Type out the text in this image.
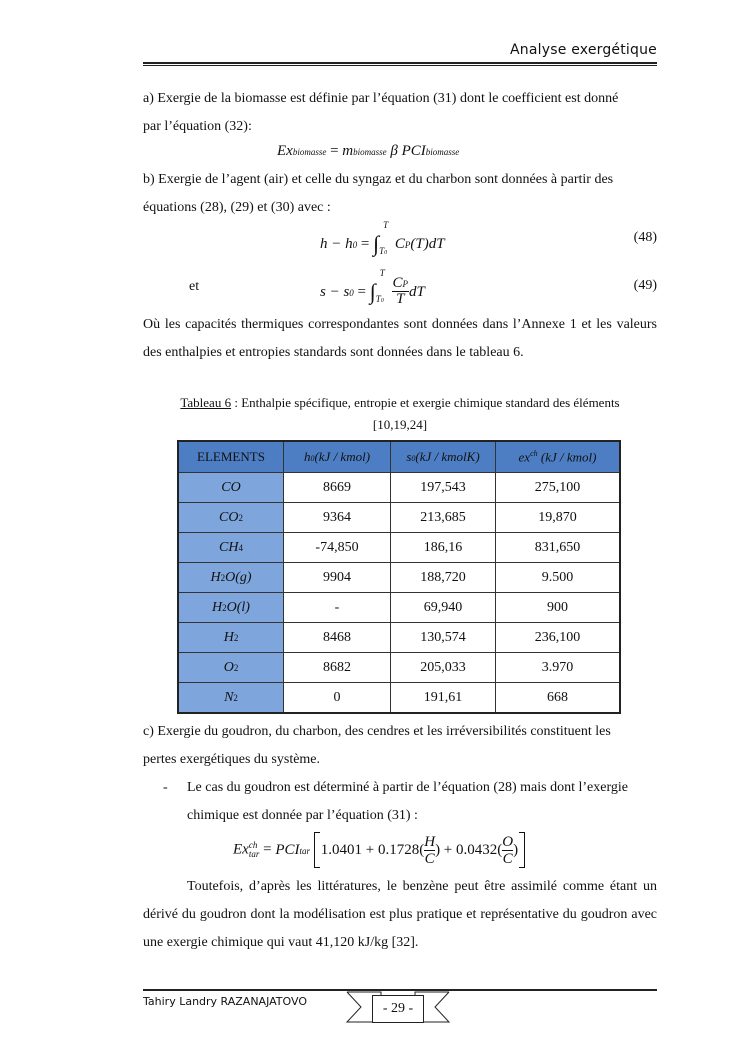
Analyse exergétique
a) Exergie de la biomasse est définie par l’équation (31) dont le coefficient est donné
par l’équation (32):
Exbiomasse = mbiomasse β PCIbiomasse
b) Exergie de l’agent (air) et celle du syngaz et du charbon sont données à partir des
équations (28), (29) et (30) avec :
h − h0 = ∫
T
T0
CP(T)dT	(48)
et	s − s0 = ∫
T
T0
$\frac{CP}{T}$ dT	(49)
Où les capacités thermiques correspondantes sont données dans l’Annexe 1 et les valeurs des enthalpies et entropies standards sont données dans le tableau 6.
Tableau 6 : Enthalpie spécifique, entropie et exergie chimique standard des éléments
[10,19,24]
ELEMENTS	h0(kJ / kmol)	s0(kJ / kmolK)	$ex^{ch}$ (kJ / kmol)
CO	8669	197,543	275,100
CO2	9364	213,685	19,870
CH4	-74,850	186,16	831,650
H2O(g)	9904	188,720	9.500
H2O(l)	-	69,940	900
H2	8468	130,574	236,100
O2	8682	205,033	3.970
N2	0	191,61	668
c) Exergie du goudron, du charbon, des cendres et les irréversibilités constituent les
pertes exergétiques du système.
- Le cas du goudron est déterminé à partir de l’équation (28) mais dont l’exergie
chimique est donnée par l’équation (31) :
Ex ch
tar = PCItar $1.0401 + 0.1728( \frac{H}{C}$ ) + $0.0432( \frac{O}{C}$ )
Toutefois, d’après les littératures, le benzène peut être assimilé comme étant un dérivé du goudron dont la modélisation est plus pratique et représentative du goudron avec une exergie chimique qui vaut 41,120 kJ/kg [32].
Tahiry Landry RAZANAJATOVO	- 29 -
